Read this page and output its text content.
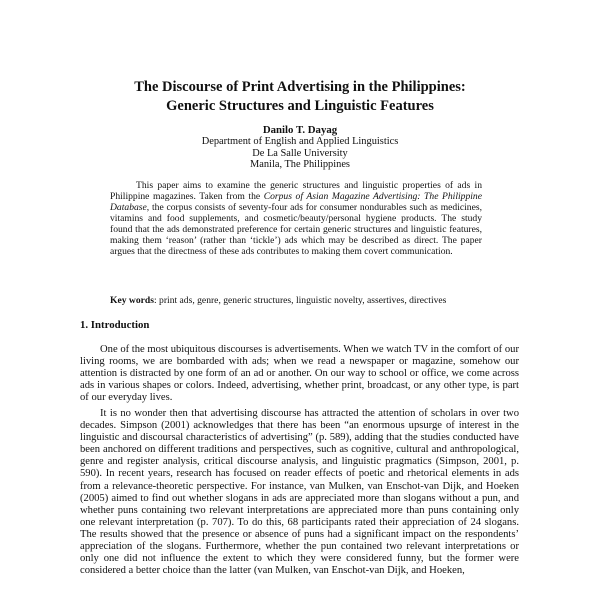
The Discourse of Print Advertising in the Philippines:
Generic Structures and Linguistic Features
Danilo T. Dayag
Department of English and Applied Linguistics
De La Salle University
Manila, The Philippines

This paper aims to examine the generic structures and linguistic properties of ads in Philippine magazines. Taken from the Corpus of Asian Magazine Advertising: The Philippine Database, the corpus consists of seventy-four ads for consumer nondurables such as medicines, vitamins and food supplements, and cosmetic/beauty/personal hygiene products. The study found that the ads demonstrated preference for certain generic structures and linguistic features, making them ‘reason’ (rather than ‘tickle’) ads which may be described as direct. The paper argues that the directness of these ads contributes to making them covert communication.

Key words: print ads, genre, generic structures, linguistic novelty, assertives, directives
1. Introduction

One of the most ubiquitous discourses is advertisements. When we watch TV in the comfort of our living rooms, we are bombarded with ads; when we read a newspaper or magazine, somehow our attention is distracted by one form of an ad or another. On our way to school or office, we come across ads in various shapes or colors. Indeed, advertising, whether print, broadcast, or any other type, is part of our everyday lives.

It is no wonder then that advertising discourse has attracted the attention of scholars in over two decades. Simpson (2001) acknowledges that there has been “an enormous upsurge of interest in the linguistic and discoursal characteristics of advertising” (p. 589), adding that the studies conducted have been anchored on different traditions and perspectives, such as cognitive, cultural and anthropological, genre and register analysis, critical discourse analysis, and linguistic pragmatics (Simpson, 2001, p. 590). In recent years, research has focused on reader effects of poetic and rhetorical elements in ads from a relevance-theoretic perspective. For instance, van Mulken, van Enschot-van Dijk, and Hoeken (2005) aimed to find out whether slogans in ads are appreciated more than slogans without a pun, and whether puns containing two relevant interpretations are appreciated more than puns containing only one relevant interpretation (p. 707). To do this, 68 participants rated their appreciation of 24 slogans. The results showed that the presence or absence of puns had a significant impact on the respondents’ appreciation of the slogans. Furthermore, whether the pun contained two relevant interpretations or only one did not influence the extent to which they were considered funny, but the former were considered a better choice than the latter (van Mulken, van Enschot-van Dijk, and Hoeken,
